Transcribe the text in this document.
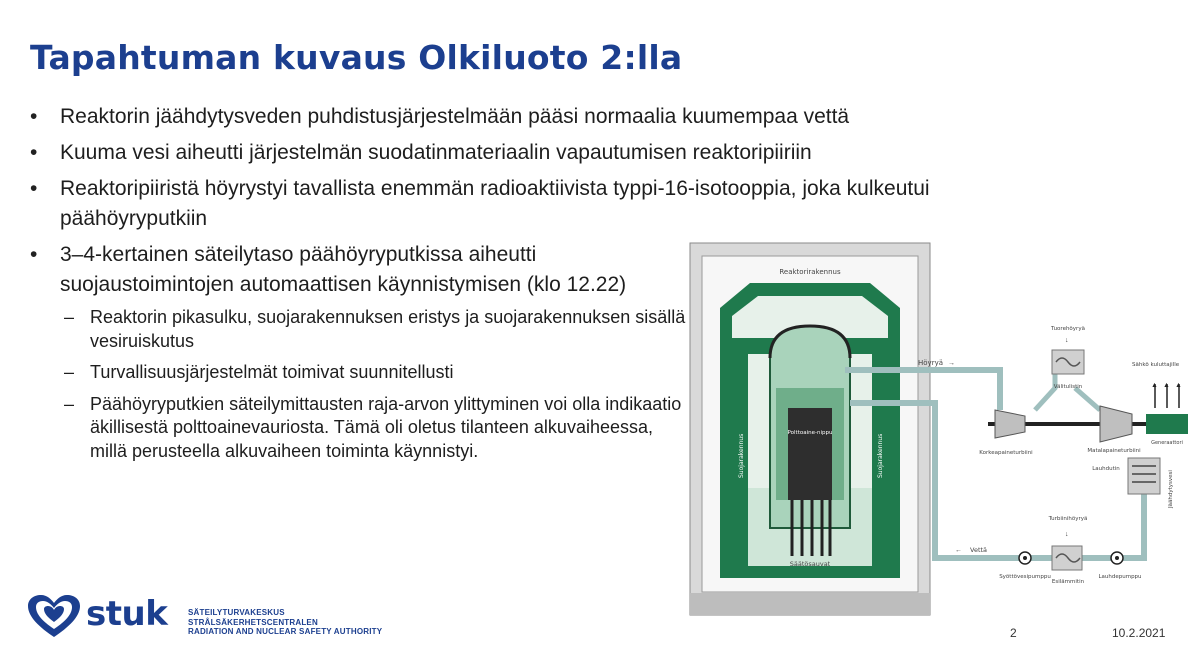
Tapahtuman kuvaus Olkiluoto 2:lla
• Reaktorin jäähdytysveden puhdistusjärjestelmään pääsi normaalia kuumempaa vettä
• Kuuma vesi aiheutti järjestelmän suodatinmateriaalin vapautumisen reaktoripiiriin
• Reaktoripiiristä höyrystyi tavallista enemmän radioaktiivista typpi-16-isotooppia, joka kulkeutui päähöyryputkiin
• 3–4-kertainen säteilytaso päähöyryputkissa aiheutti suojaustoimintojen automaattisen käynnistymisen (klo 12.22)
– Reaktorin pikasulku, suojarakennuksen eristys ja suojarakennuksen sisällä vesiruiskutus
– Turvallisuusjärjestelmät toimivat suunnitellusti
– Päähöyryputkien säteilymittausten raja-arvon ylittyminen voi olla indikaatio äkillisestä polttoainevauriosta. Tämä oli oletus tilanteen alkuvaiheessa, millä perusteella alkuvaiheen toiminta käynnistyi.
Reaktorirakennus
Suojarakennus	Suojarakennus
Polttoaine-nippu
Säätösauvat
Höyryä →
Vettä
←
Tuorehöyryä
↓
Välitulistin
Korkeapaineturbiini	Matalapaineturbiini
Generaattori
▲ ▲ ▲
Sähkö kuluttajille
Lauhdutin
Jäähdytysvesi
Turbiinihöyryä
↓
Syöttövesipumppu
Esilämmitin
Lauhdepumppu
stuk	SÄTEILYTURVAKESKUS
STRÅLSÄKERHETSCENTRALEN
RADIATION AND NUCLEAR SAFETY AUTHORITY	2	10.2.2021
